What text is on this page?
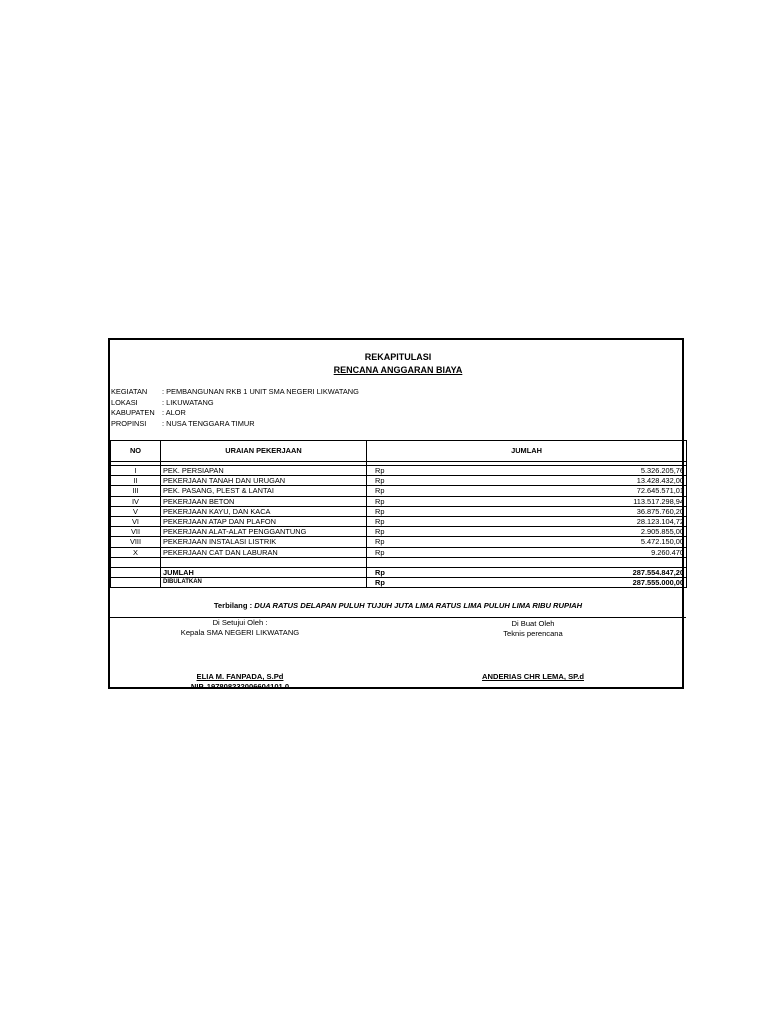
REKAPITULASI
RENCANA ANGGARAN BIAYA
KEGIATAN : PEMBANGUNAN RKB 1 UNIT SMA NEGERI LIKWATANG
LOKASI	: LIKUWATANG
KABUPATEN : ALOR
PROPINSI : NUSA TENGGARA TIMUR
NO	URAIAN PEKERJAAN	JUMLAH	

I	PEK. PERSIAPAN	Rp	5.326.205,76
II	PEKERJAAN TANAH DAN URUGAN	Rp	13.428.432,00
III	PEK. PASANG, PLEST & LANTAI	Rp	72.645.571,01
IV	PEKERJAAN BETON	Rp	113.517.298,94
V	PEKERJAAN KAYU, DAN KACA	Rp	36.875.760,20
VI	PEKERJAAN ATAP DAN PLAFON	Rp	28.123.104,72
VII	PEKERJAAN ALAT-ALAT PENGGANTUNG	Rp	2.905.855,00
VIII	PEKERJAAN INSTALASI LISTRIK	Rp	5.472.150,00
X	PEKERJAAN CAT DAN LABURAN	Rp	9.260.470

	JUMLAH	Rp	287.554.847,20
	DIBULATKAN	Rp	287.555.000,00
Terbilang : DUA RATUS DELAPAN PULUH TUJUH JUTA LIMA RATUS LIMA PULUH LIMA RIBU RUPIAH
Di Setujui Oleh :
Kepala SMA NEGERI LIKWATANG
ELIA M. FANPADA, S.Pd
NIP. 197808232006604101 0
Di Buat Oleh
Teknis perencana
ANDERIAS CHR LEMA, SP.d
